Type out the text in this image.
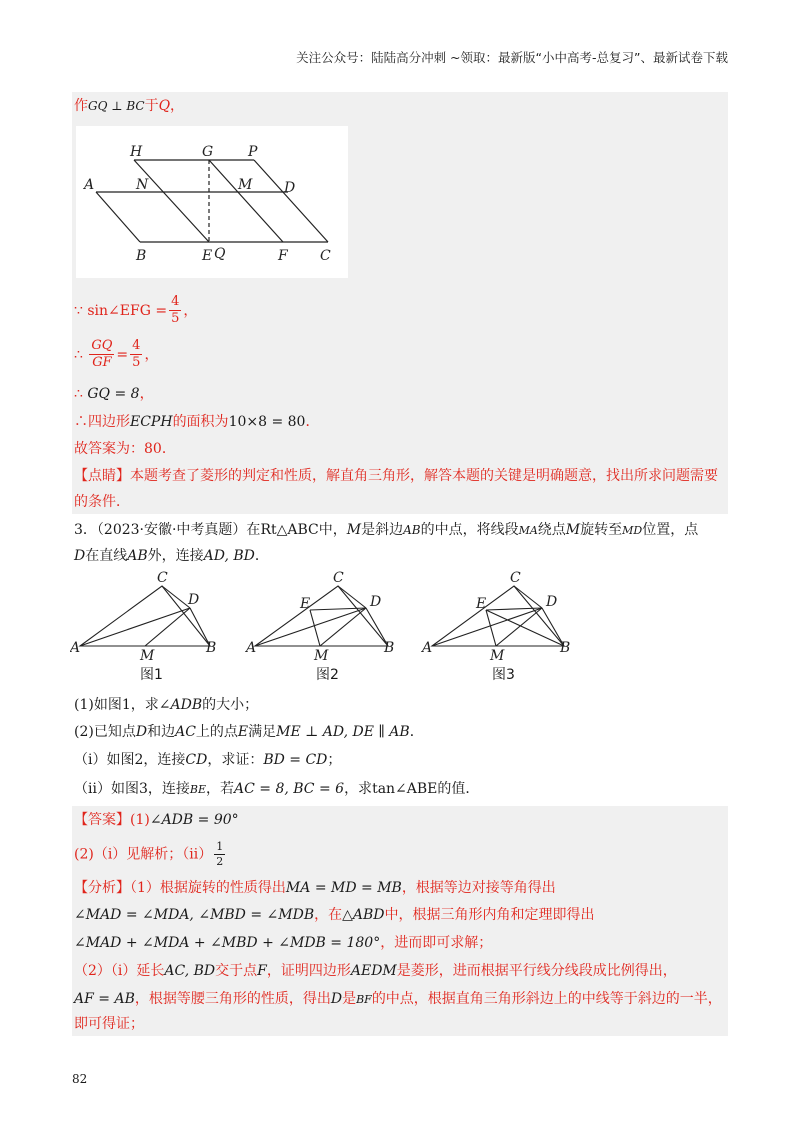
关注公众号：陆陆高分冲刺 ~领取：最新版“小中高考-总复习”、最新试卷下载
作GQ ⊥ BC于Q，
H	G P
A	N	M D
B	E Q	F C
∵ sin∠EFG = $\frac{4}{5}$ ，
∴ $\frac{GQ}{GF} = \frac{4}{5}$ ，
∴ GQ = 8，
∴四边形ECPH的面积为10×8 = 80．
故答案为：80．
【点睛】本题考查了菱形的判定和性质，解直角三角形，解答本题的关键是明确题意，找出所求问题需要
的条件．
3．（2023·安徽·中考真题）在Rt△ABC中，M是斜边AB的中点，将线段MA绕点M旋转至MD位置，点
D在直线AB外，连接AD, BD．
A
C
D
M	B A
C
E	D
M	B A
C
E	D
M	B
图1	图2	图3
(1)如图1，求∠ADB的大小；
(2)已知点D和边AC上的点E满足ME ⊥ AD, DE ∥ AB．
（ⅰ）如图2，连接CD，求证：BD = CD；
（ⅱ）如图3，连接BE，若AC = 8, BC = 6，求tan∠ABE的值．
【答案】(1)∠ADB = 90°
(2)（ⅰ）见解析；（ⅱ） $\frac{1}{2}$
【分析】（1）根据旋转的性质得出MA = MD = MB，根据等边对接等角得出
∠MAD = ∠MDA, ∠MBD = ∠MDB，在△ABD中，根据三角形内角和定理即得出
∠MAD + ∠MDA + ∠MBD + ∠MDB = 180°，进而即可求解；
（2）（ⅰ）延长AC, BD交于点F，证明四边形AEDM是菱形，进而根据平行线分线段成比例得出，
AF = AB，根据等腰三角形的性质，得出D是BF的中点，根据直角三角形斜边上的中线等于斜边的一半，
即可得证；
82
